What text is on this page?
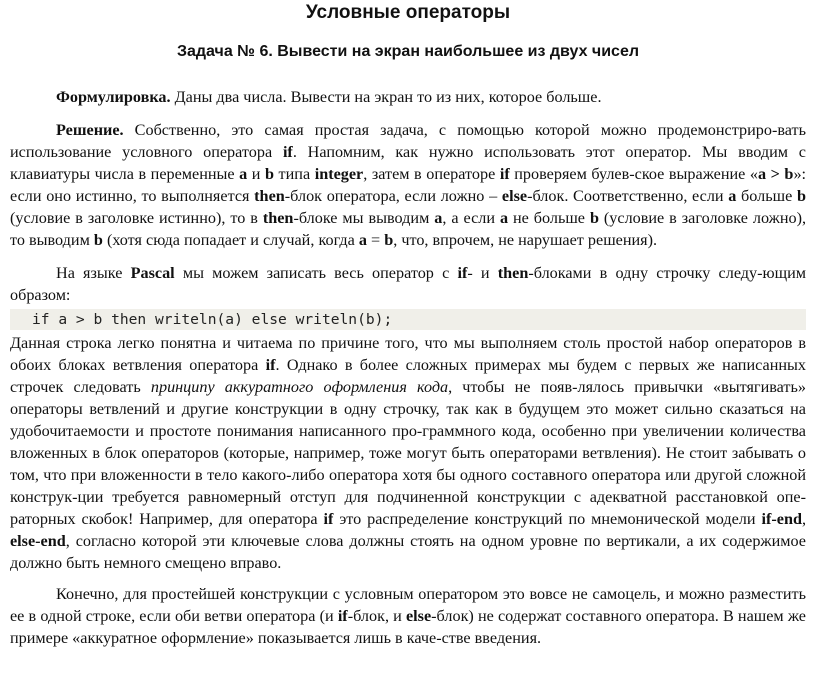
Условные операторы
Задача № 6. Вывести на экран наибольшее из двух чисел

Формулировка. Даны два числа. Вывести на экран то из них, которое больше.

Решение. Собственно, это самая простая задача, с помощью которой можно продемонстриро-вать использование условного оператора if. Напомним, как нужно использовать этот оператор. Мы вводим с клавиатуры числа в переменные a и b типа integer, затем в операторе if проверяем булев-ское выражение «a > b»: если оно истинно, то выполняется then-блок оператора, если ложно – else-блок. Соответственно, если a больше b (условие в заголовке истинно), то в then-блоке мы выводим a, а если a не больше b (условие в заголовке ложно), то выводим b (хотя сюда попадает и случай, когда a = b, что, впрочем, не нарушает решения).

На языке Pascal мы можем записать весь оператор с if- и then-блоками в одну строчку следу-ющим образом:

if a > b then writeln(a) else writeln(b);

Данная строка легко понятна и читаема по причине того, что мы выполняем столь простой набор операторов в обоих блоках ветвления оператора if. Однако в более сложных примерах мы будем с первых же написанных строчек следовать принципу аккуратного оформления кода, чтобы не появ-лялось привычки «вытягивать» операторы ветвлений и другие конструкции в одну строчку, так как в будущем это может сильно сказаться на удобочитаемости и простоте понимания написанного про-граммного кода, особенно при увеличении количества вложенных в блок операторов (которые, например, тоже могут быть операторами ветвления). Не стоит забывать о том, что при вложенности в тело какого-либо оператора хотя бы одного составного оператора или другой сложной конструк-ции требуется равномерный отступ для подчиненной конструкции с адекватной расстановкой опе-раторных скобок! Например, для оператора if это распределение конструкций по мнемонической модели if-end, else-end, согласно которой эти ключевые слова должны стоять на одном уровне по вертикали, а их содержимое должно быть немного смещено вправо.

Конечно, для простейшей конструкции с условным оператором это вовсе не самоцель, и можно разместить ее в одной строке, если оби ветви оператора (и if-блок, и else-блок) не содержат составного оператора. В нашем же примере «аккуратное оформление» показывается лишь в каче-стве введения.
